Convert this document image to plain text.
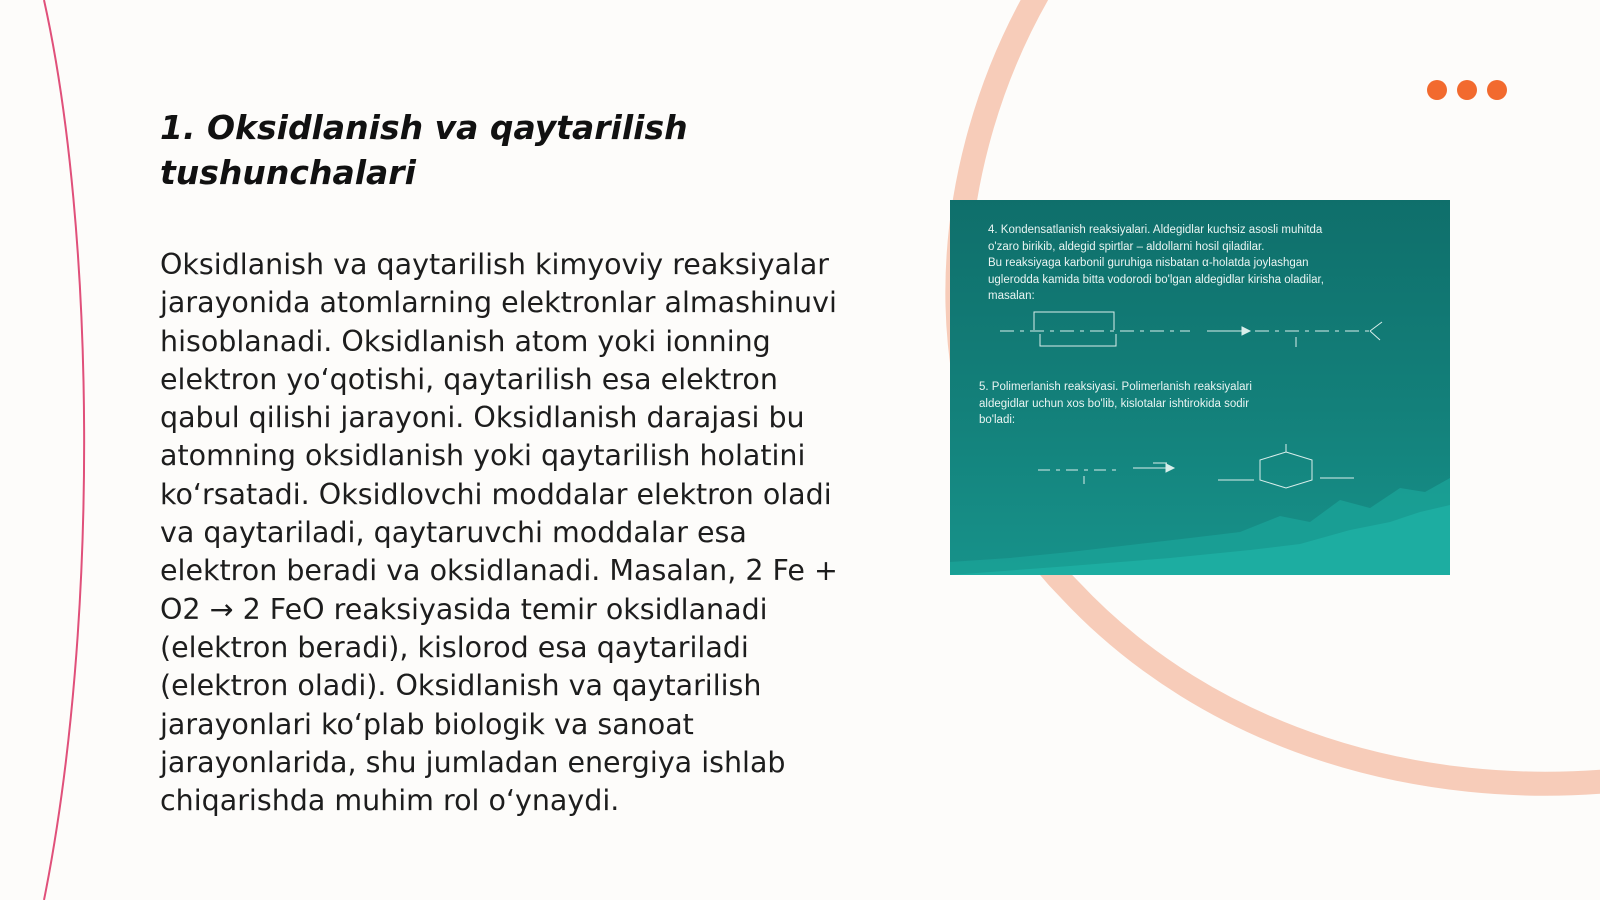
1. Oksidlanish va qaytarilish
tushunchalari

Oksidlanish va qaytarilish kimyoviy reaksiyalar jarayonida atomlarning elektronlar almashinuvi hisoblanadi. Oksidlanish atom yoki ionning elektron yo‘qotishi, qaytarilish esa elektron qabul qilishi jarayoni. Oksidlanish darajasi bu atomning oksidlanish yoki qaytarilish holatini ko‘rsatadi. Oksidlovchi moddalar elektron oladi va qaytariladi, qaytaruvchi moddalar esa elektron beradi va oksidlanadi. Masalan, 2 Fe + O2 → 2 FeO reaksiyasida temir oksidlanadi (elektron beradi), kislorod esa qaytariladi (elektron oladi). Oksidlanish va qaytarilish jarayonlari ko‘plab biologik va sanoat jarayonlarida, shu jumladan energiya ishlab chiqarishda muhim rol o‘ynaydi.

4. Kondensatlanish reaksiyalari. Aldegidlar kuchsiz asosli muhitda
o'zaro birikib, aldegid spirtlar – aldollarni hosil qiladilar.
Bu reaksiyaga karbonil guruhiga nisbatan α-holatda joylashgan
uglerodda kamida bitta vodorodi bo'lgan aldegidlar kirisha oladilar,
masalan:

5. Polimerlanish reaksiyasi. Polimerlanish reaksiyalari
aldegidlar uchun xos bo'lib, kislotalar ishtirokida sodir
bo'ladi:
